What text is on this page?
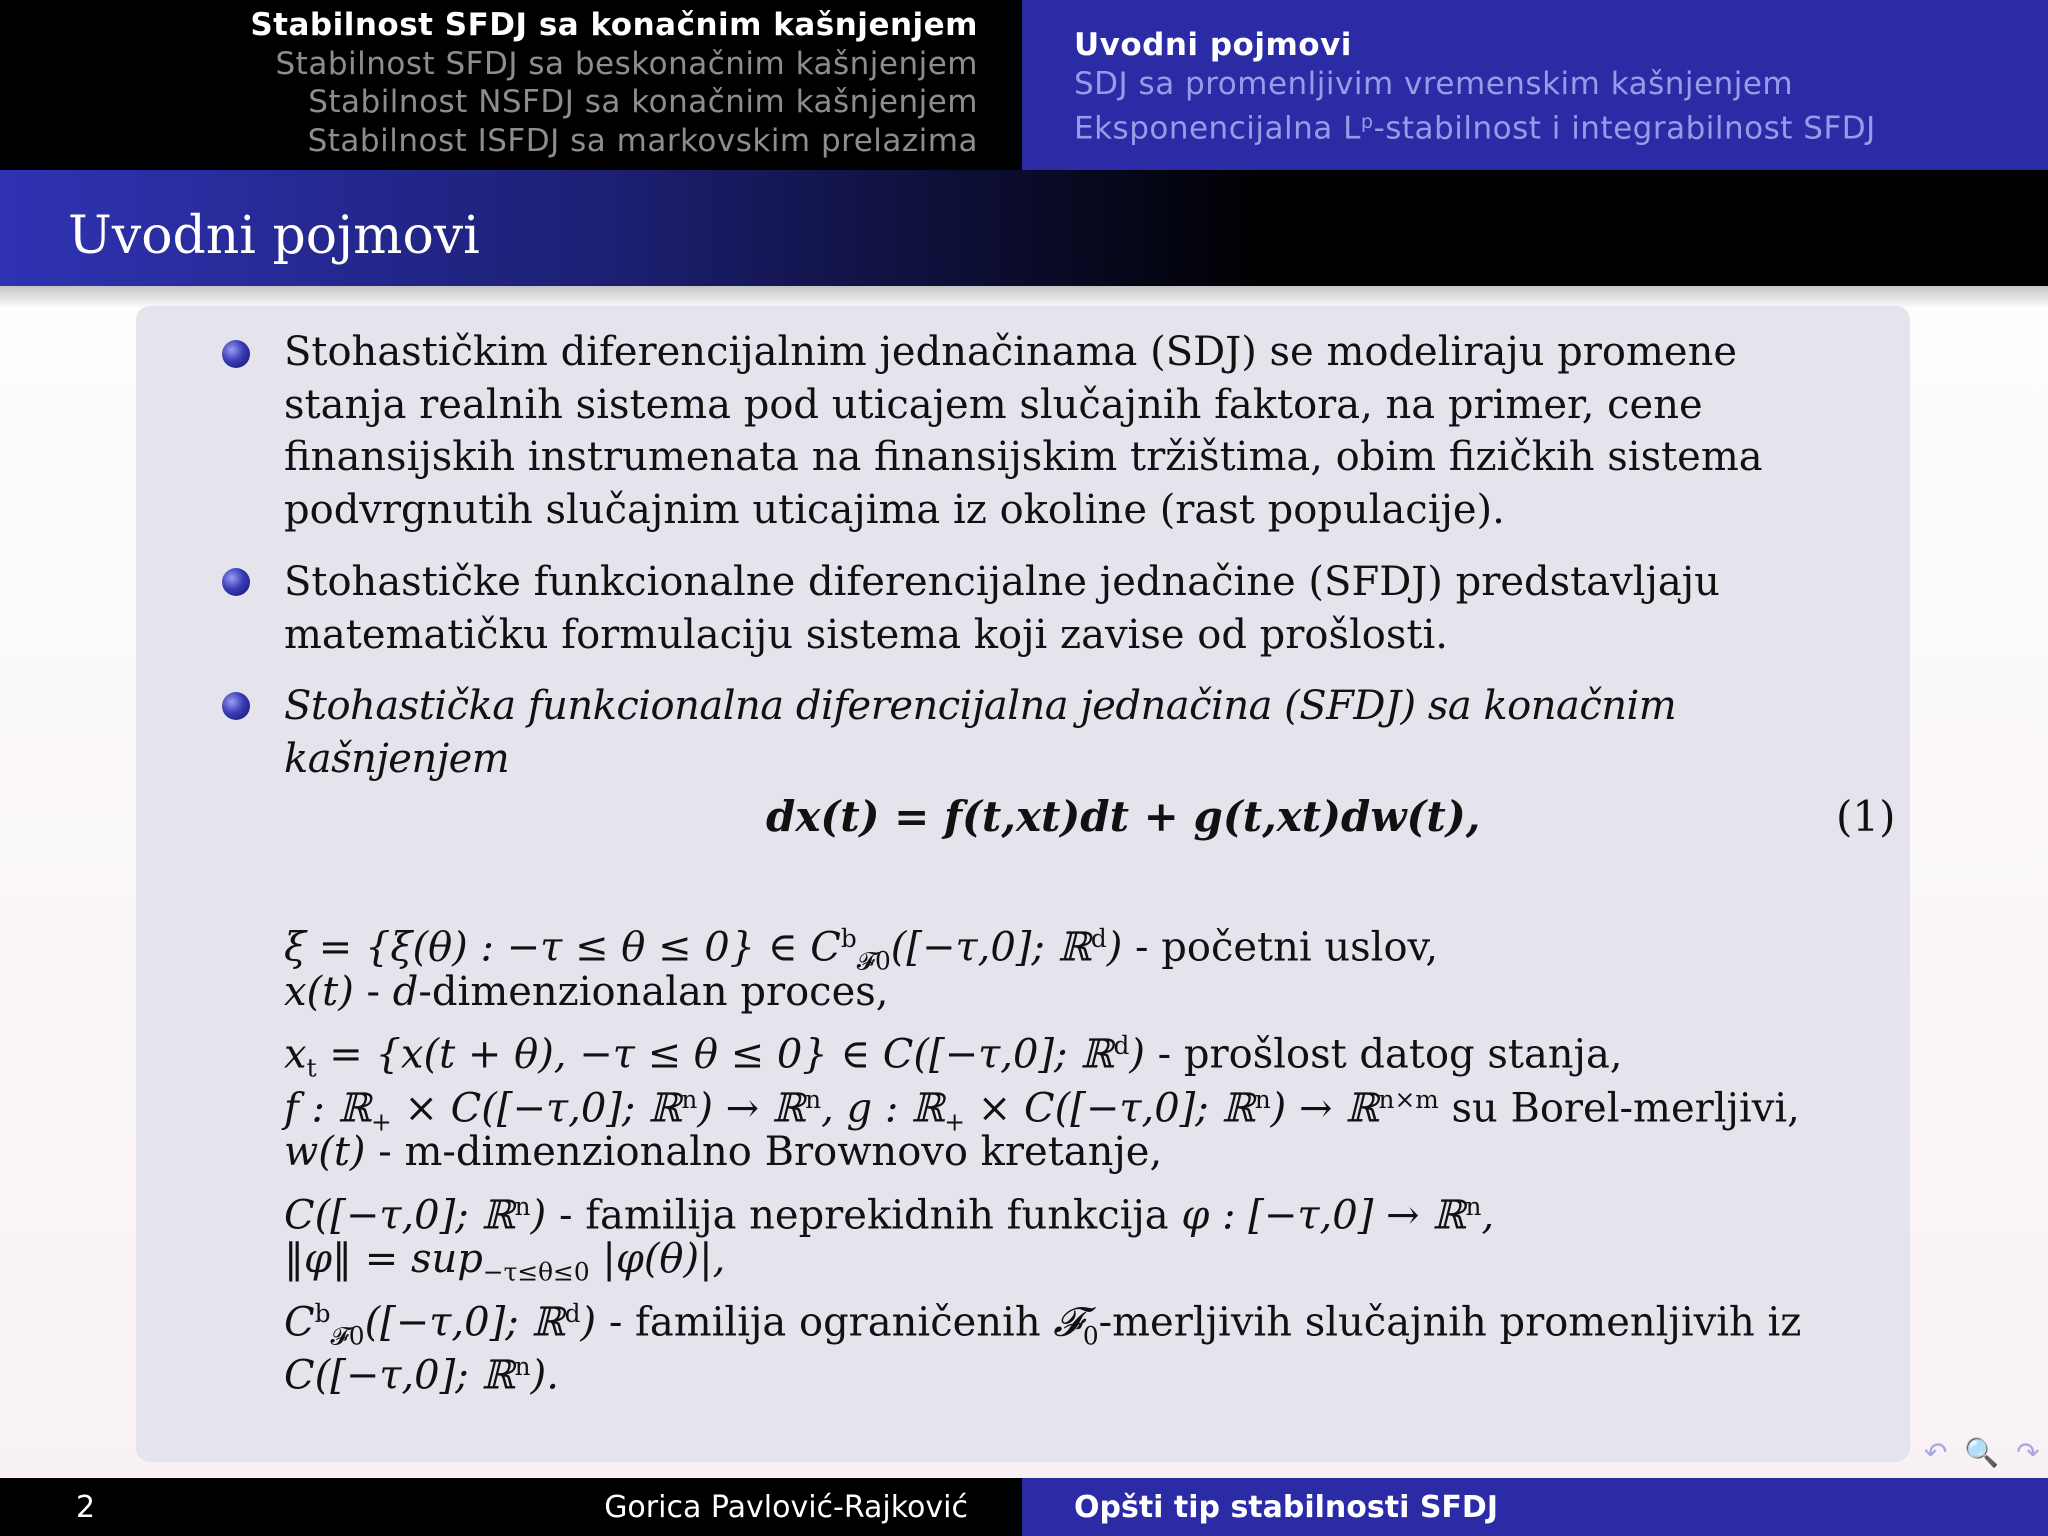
Stabilnost SFDJ sa konačnim kašnjenjem
Stabilnost SFDJ sa beskonačnim kašnjenjem
Stabilnost NSFDJ sa konačnim kašnjenjem
Stabilnost ISFDJ sa markovskim prelazima
Uvodni pojmovi
SDJ sa promenljivim vremenskim kašnjenjem
Eksponencijalna $L^p$-stabilnost i integrabilnost SFDJ
Uvodni pojmovi
Stohastičkim diferencijalnim jednačinama (SDJ) se modeliraju promene stanja realnih sistema pod uticajem slučajnih faktora, na primer, cene finansijskih instrumenata na finansijskim tržištima, obim fizičkih sistema podvrgnutih slučajnim uticajima iz okoline (rast populacije).
Stohastičke funkcionalne diferencijalne jednačine (SFDJ) predstavljaju matematičku formulaciju sistema koji zavise od prošlosti.
Stohastička funkcionalna diferencijalna jednačina (SFDJ) sa konačnim kašnjenjem
dx(t) = f(t,xt)dt + g(t,xt)dw(t),	(1)
ξ = {ξ(θ) : −τ ≤ θ ≤ 0} ∈ $C^b_{𝓕0}([-\tau,0]$; ℝ$^d$) - početni uslov,
x(t) - d-dimenzionalan proces,
$x_t = \{x(t + \theta)$, −τ ≤ θ ≤ 0} ∈ C([−τ,0]; ℝ$^d$) - prošlost datog stanja,
f : ℝ$_+$ × C([−τ,0]; ℝ$^n$) → ℝ$^n$, g : ℝ$_+$ × C([−τ,0]; ℝ$^n$) → ℝ$^{n\times m}$ su Borel-merljivi,
w(t) - m-dimenzionalno Brownovo kretanje,
C([−τ,0]; ℝ$^n$) - familija neprekidnih funkcija φ : [−τ,0] → ℝ$^n$,
‖φ‖ = sup$_{-\tau\le\theta\le 0}$ |φ(θ)|,
$C^b_{𝓕0}([-\tau,0]$; ℝ$^d$) - familija ograničenih 𝓕$_0$-merljivih slučajnih promenljivih iz
C([−τ,0]; ℝ$^n$).
↶ 🔍 ↷
2	Gorica Pavlović-Rajković	Opšti tip stabilnosti SFDJ
